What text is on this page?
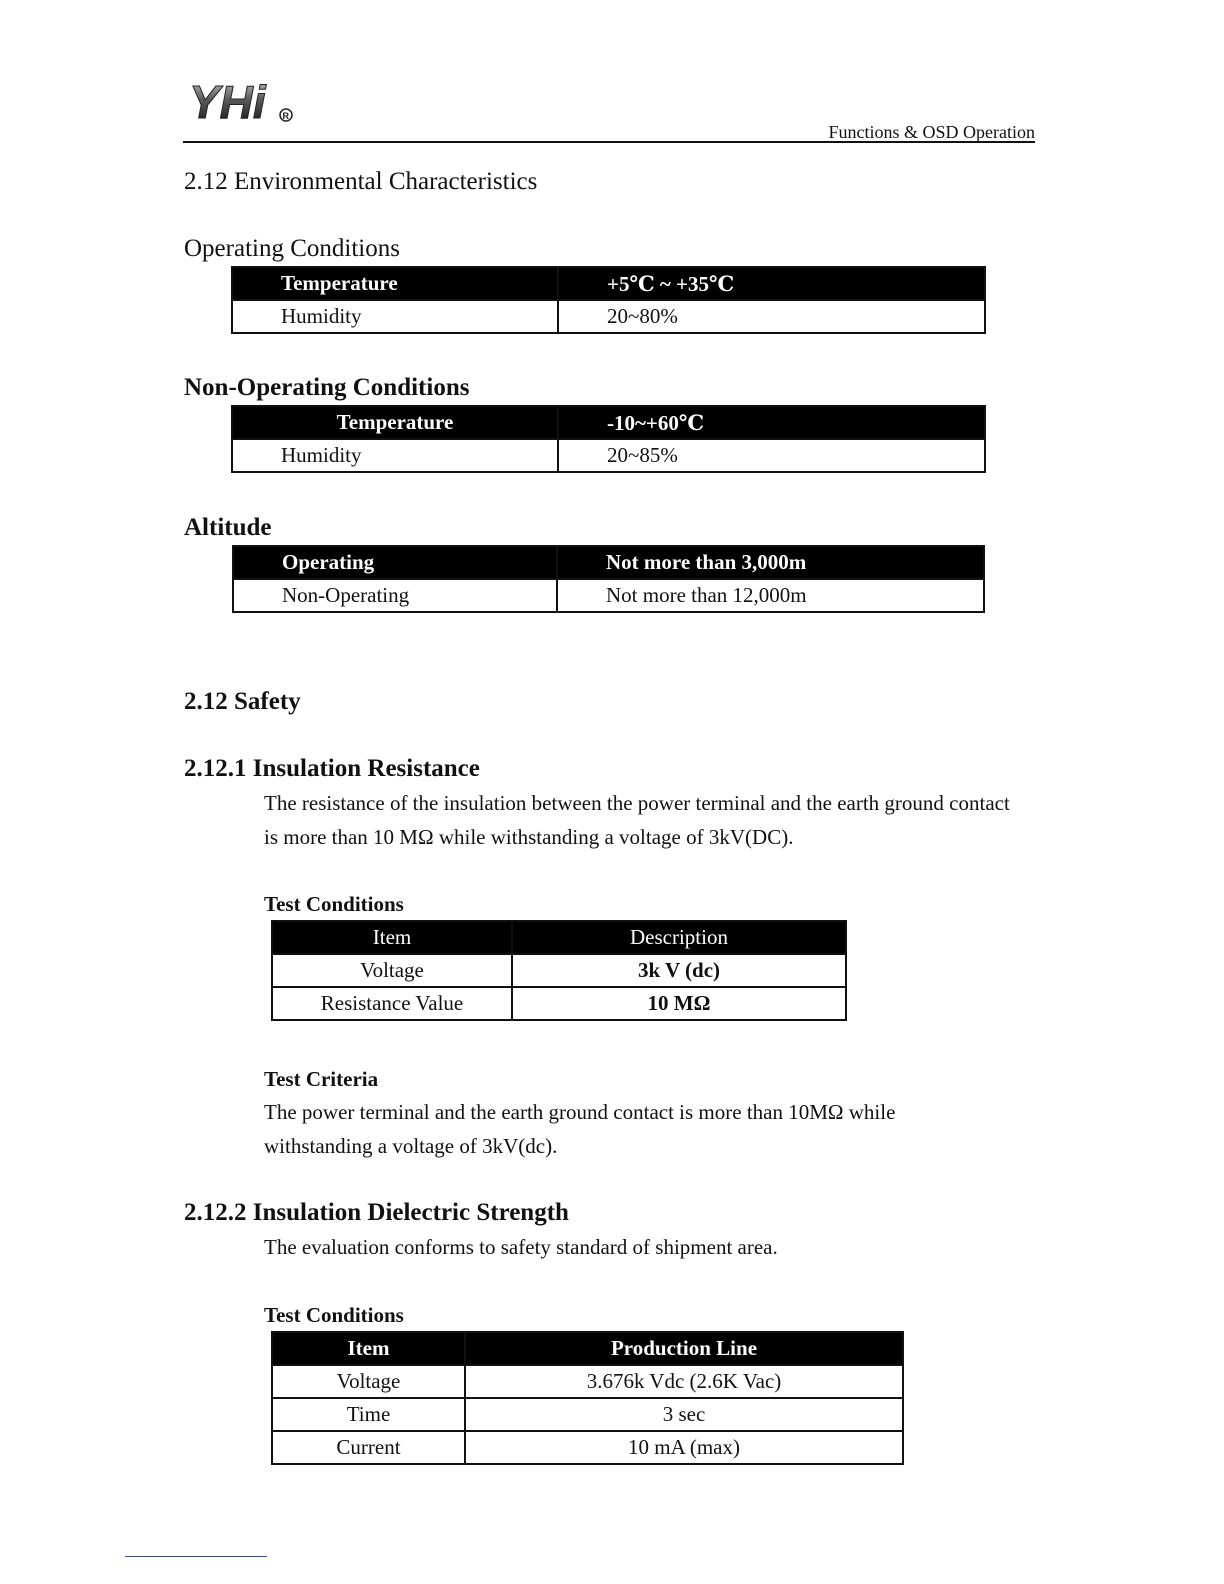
YHi R
Functions & OSD Operation
2.12 Environmental Characteristics
Operating Conditions
Temperature	+5℃ ~ +35℃
Humidity	20~80%
Non-Operating Conditions
Temperature	-10~+60℃
Humidity	20~85%
Altitude
Operating	Not more than 3,000m
Non-Operating	Not more than 12,000m
2.12 Safety
2.12.1 Insulation Resistance
The resistance of the insulation between the power terminal and the earth ground contact is more than 10 MΩ while withstanding a voltage of 3kV(DC).
Test Conditions
Item	Description
Voltage	3k V (dc)
Resistance Value	10 MΩ
Test Criteria
The power terminal and the earth ground contact is more than 10MΩ while withstanding a voltage of 3kV(dc).
2.12.2 Insulation Dielectric Strength
The evaluation conforms to safety standard of shipment area.
Test Conditions
Item	Production Line
Voltage	3.676k Vdc (2.6K Vac)
Time	3 sec
Current	10 mA (max)
